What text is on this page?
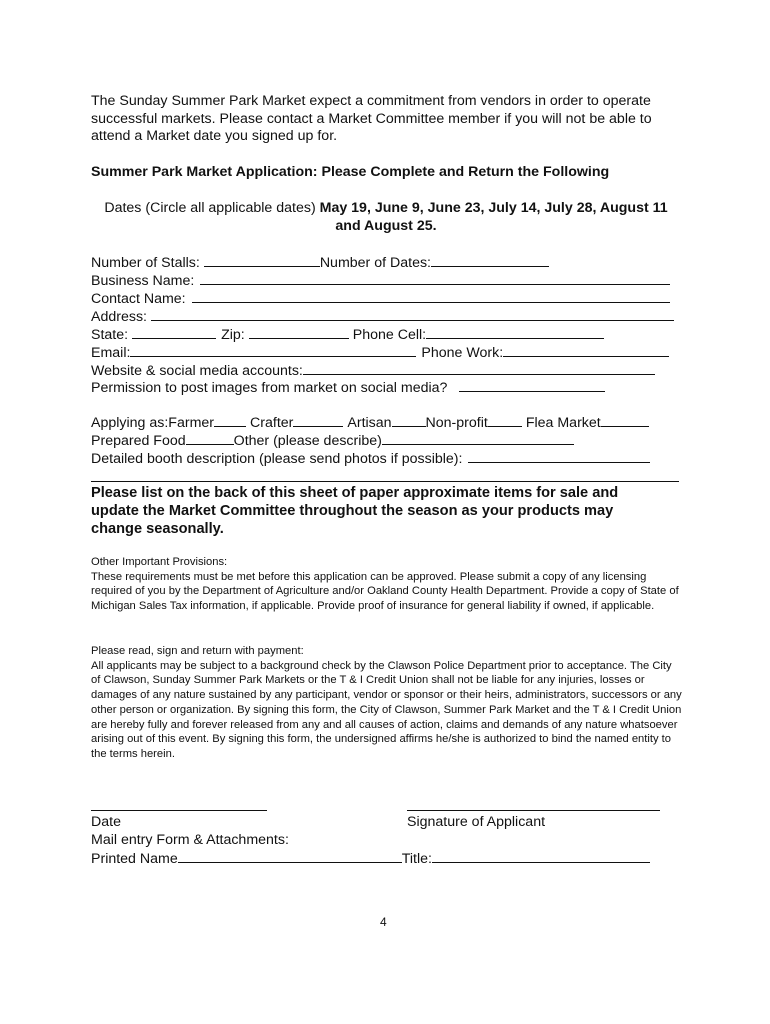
The Sunday Summer Park Market expect a commitment from vendors in order to operate successful markets. Please contact a Market Committee member if you will not be able to attend a Market date you signed up for.
Summer Park Market Application: Please Complete and Return the Following
Dates (Circle all applicable dates) May 19, June 9, June 23, July 14, July 28, August 11
and August 25.
Number of Stalls:	Number of Dates:
Business Name:
Contact Name:
Address:
State:	Zip:	Phone Cell:
Email:	Phone Work:
Website & social media accounts:
Permission to post images from market on social media?
Applying as:Farmer	Crafter	Artisan Non-profit	Flea Market
Prepared Food	Other (please describe)
Detailed booth description (please send photos if possible):
Please list on the back of this sheet of paper approximate items for sale and update the Market Committee throughout the season as your products may change seasonally.
Other Important Provisions:
These requirements must be met before this application can be approved. Please submit a copy of any licensing required of you by the Department of Agriculture and/or Oakland County Health Department. Provide a copy of State of Michigan Sales Tax information, if applicable. Provide proof of insurance for general liability if owned, if applicable.
Please read, sign and return with payment:
All applicants may be subject to a background check by the Clawson Police Department prior to acceptance. The City of Clawson, Sunday Summer Park Markets or the T & I Credit Union shall not be liable for any injuries, losses or damages of any nature sustained by any participant, vendor or sponsor or their heirs, administrators, successors or any other person or organization. By signing this form, the City of Clawson, Summer Park Market and the T & I Credit Union are hereby fully and forever released from any and all causes of action, claims and demands of any nature whatsoever arising out of this event. By signing this form, the undersigned affirms he/she is authorized to bind the named entity to the terms herein.
Date	Signature of Applicant
Mail entry Form & Attachments:
Printed Name	Title:
4
